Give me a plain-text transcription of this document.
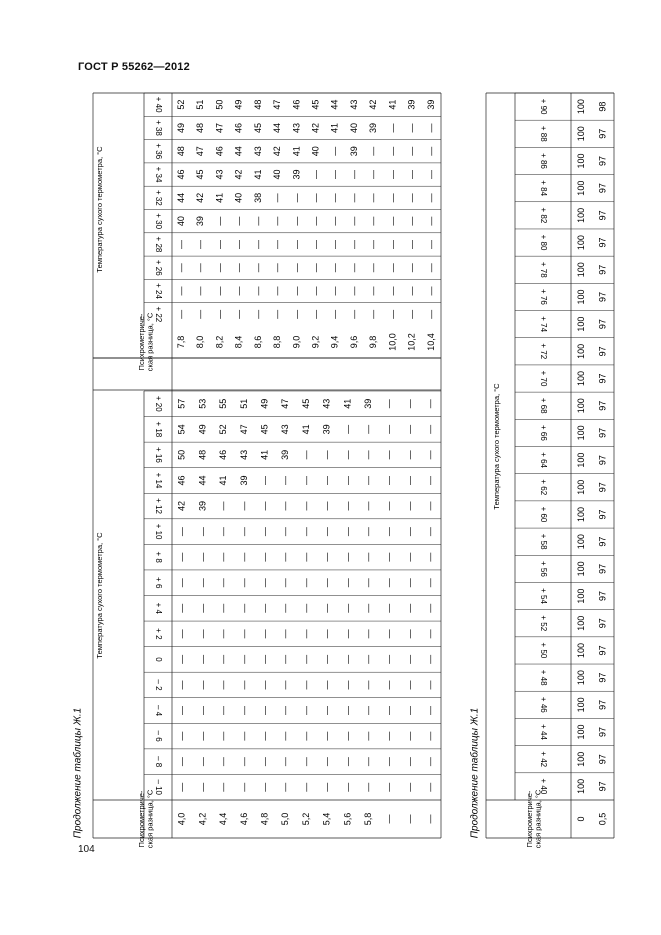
ГОСТ Р 55262—2012
104
Продолжение таблицы Ж.1	Психрометриче-ская разница, °С
Температура сухого термометра, °С
– 10
– 8
– 6
– 4
– 2
0
+ 2
+ 4
+ 6
+ 8
+ 10
+ 12
+ 14
+ 16
+ 18
+ 20
4,0
—
—
—
—
—
—
—
—
—
—
—
42
46
50
54
57
4,2
—
—
—
—
—
—
—
—
—
—
—
39
44
48
49
53
4,4
—
—
—
—
—
—
—
—
—
—
—
—
41
46
52
55
4,6
—
—
—
—
—
—
—
—
—
—
—
—
39
43
47
51
4,8
—
—
—
—
—
—
—
—
—
—
—
—
—
41
45
49
5,0
—
—
—
—
—
—
—
—
—
—
—
—
—
39
43
47
5,2
—
—
—
—
—
—
—
—
—
—
—
—
—
—
41
45
5,4
—
—
—
—
—
—
—
—
—
—
—
—
—
—
39
43
5,6
—
—
—
—
—
—
—
—
—
—
—
—
—
—
—
41
5,8
—
—
—
—
—
—
—
—
—
—
—
—
—
—
—
39
—
—
—
—
—
—
—
—
—
—
—
—
—
—
—
—
—
—
—
—
—
—
—
—
—
—
—
—
—
—
—
—
—
—
—
—
—
—
—
—
—
—
—
—
—
—
—
—
—
—
—
Психрометриче-ская разница, °С
Температура сухого термометра, °С
+ 22
+ 24
+ 26
+ 28
+ 30
+ 32
+ 34
+ 36
+ 38
+ 40
7,8
—
—
—
—
40
44
46
48
49
52
8,0
—
—
—
—
39
42
45
47
48
51
8,2
—
—
—
—
—
41
43
46
47
50
8,4
—
—
—
—
—
40
42
44
46
49
8,6
—
—
—
—
—
38
41
43
45
48
8,8
—
—
—
—
—
—
40
42
44
47
9,0
—
—
—
—
—
—
39
41
43
46
9,2
—
—
—
—
—
—
—
40
42
45
9,4
—
—
—
—
—
—
—
—
41
44
9,6
—
—
—
—
—
—
—
39
40
43
9,8
—
—
—
—
—
—
—
—
39
42
10,0
—
—
—
—
—
—
—
—
—
41
10,2
—
—
—
—
—
—
—
—
—
39
10,4
—
—
—
—
—
—
—
—
—
39
Продолжение таблицы Ж.1	Психрометриче-ская разница, °С
Температура сухого термометра, °С
+ 40
+ 42
+ 44
+ 46
+ 48
+ 50
+ 52
+ 54
+ 56
+ 58
+ 60
+ 62
+ 64
+ 66
+ 68
+ 70
+ 72
+ 74
+ 76
+ 78
+ 80
+ 82
+ 84
+ 86
+ 88
+ 90
0
100
100
100
100
100
100
100
100
100
100
100
100
100
100
100
100
100
100
100
100
100
100
100
100
100
100
0,5
97
97
97
97
97
97
97
97
97
97
97
97
97
97
97
97
97
97
97
97
97
97
97
97
97
98
